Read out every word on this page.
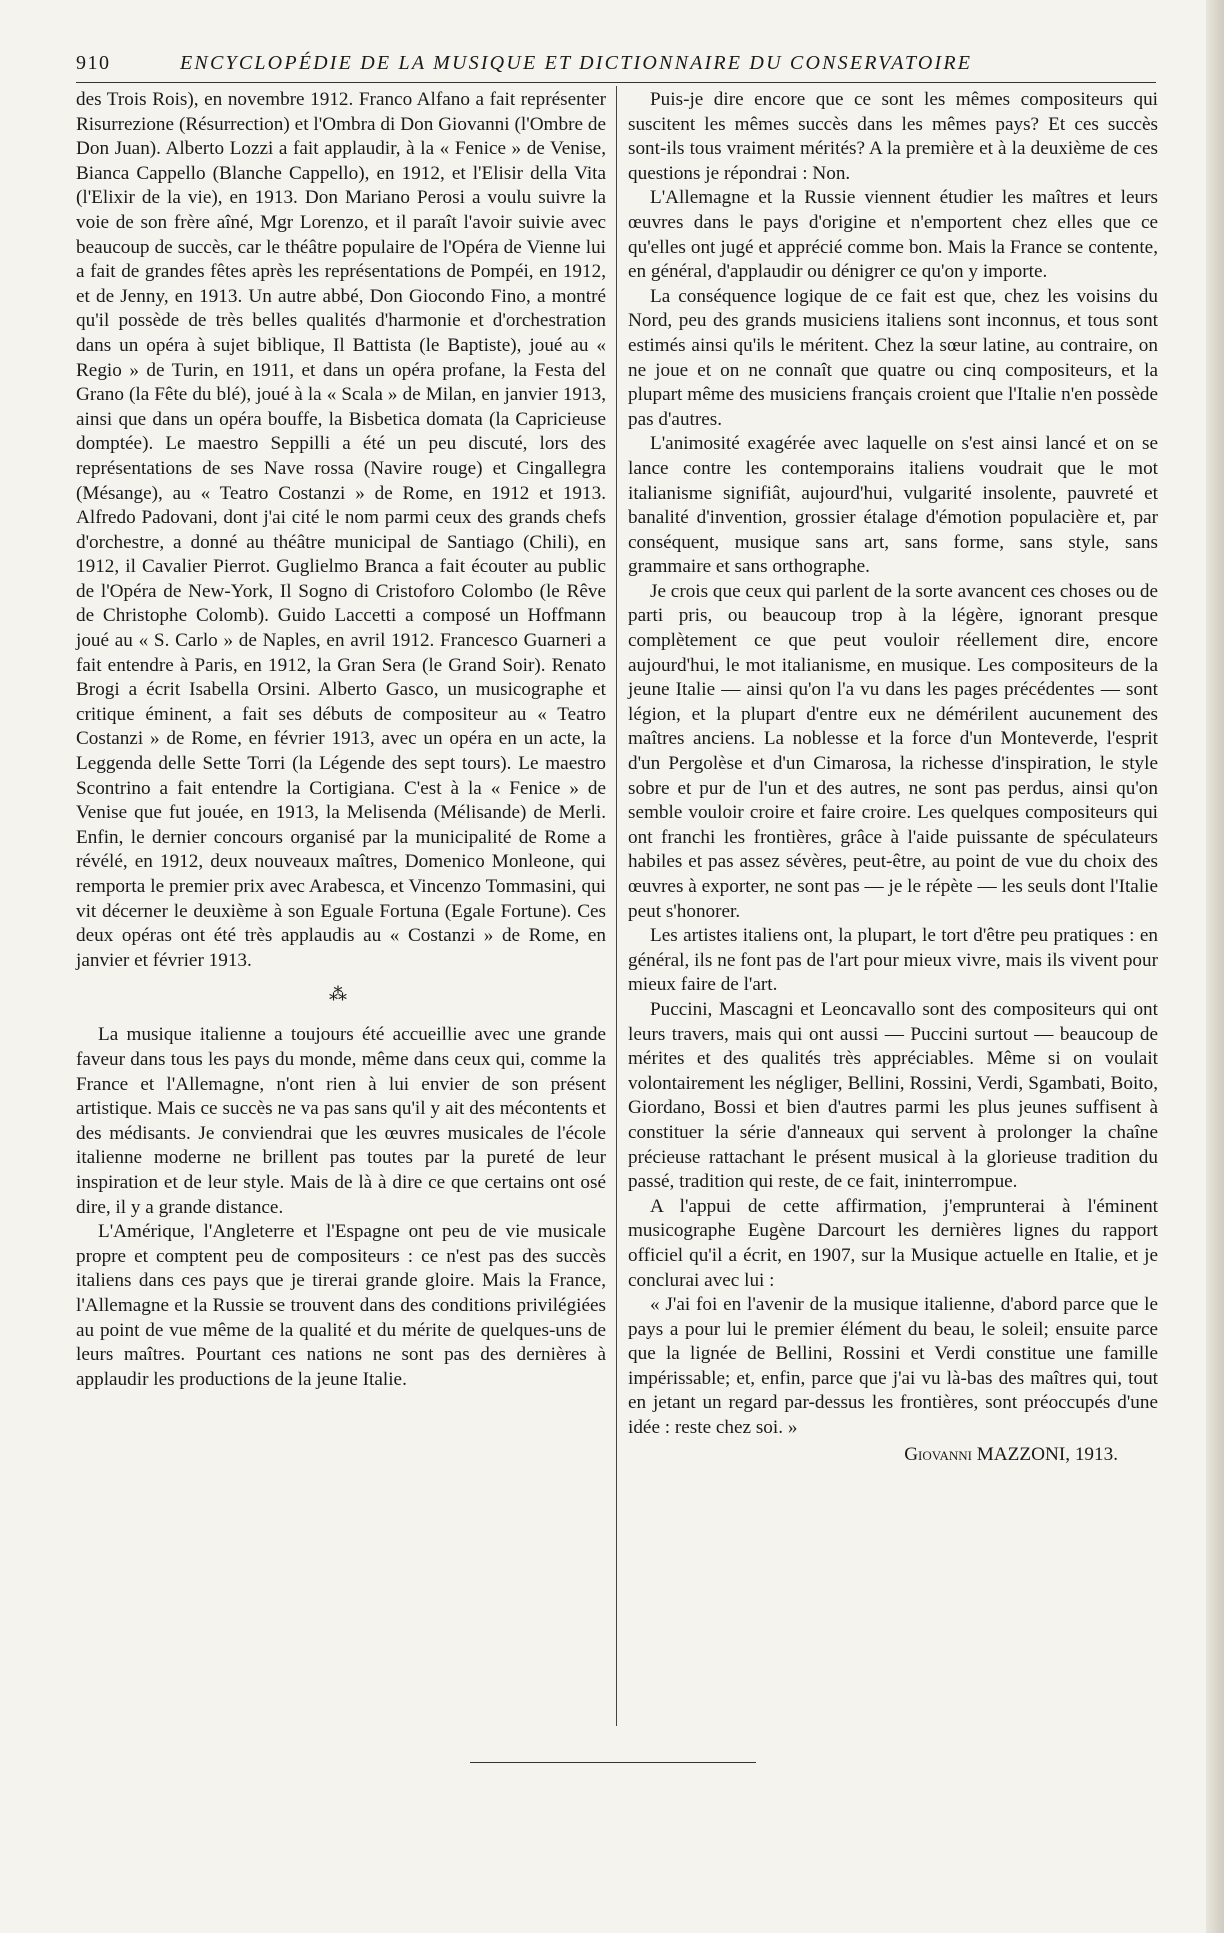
910	ENCYCLOPÉDIE DE LA MUSIQUE ET DICTIONNAIRE DU CONSERVATOIRE

des Trois Rois), en novembre 1912. Franco Alfano a fait représenter Risurrezione (Résurrection) et l'Ombra di Don Giovanni (l'Ombre de Don Juan). Alberto Lozzi a fait applaudir, à la « Fenice » de Venise, Bianca Cappello (Blanche Cappello), en 1912, et l'Elisir della Vita (l'Elixir de la vie), en 1913. Don Mariano Perosi a voulu suivre la voie de son frère aîné, Mgr Lorenzo, et il paraît l'avoir suivie avec beaucoup de succès, car le théâtre populaire de l'Opéra de Vienne lui a fait de grandes fêtes après les représentations de Pompéi, en 1912, et de Jenny, en 1913. Un autre abbé, Don Giocondo Fino, a montré qu'il possède de très belles qualités d'harmonie et d'orchestration dans un opéra à sujet biblique, Il Battista (le Baptiste), joué au « Regio » de Turin, en 1911, et dans un opéra profane, la Festa del Grano (la Fête du blé), joué à la « Scala » de Milan, en janvier 1913, ainsi que dans un opéra bouffe, la Bisbetica domata (la Capricieuse domptée). Le maestro Seppilli a été un peu discuté, lors des représentations de ses Nave rossa (Navire rouge) et Cingallegra (Mésange), au « Teatro Costanzi » de Rome, en 1912 et 1913. Alfredo Padovani, dont j'ai cité le nom parmi ceux des grands chefs d'orchestre, a donné au théâtre municipal de Santiago (Chili), en 1912, il Cavalier Pierrot. Guglielmo Branca a fait écouter au public de l'Opéra de New-York, Il Sogno di Cristoforo Colombo (le Rêve de Christophe Colomb). Guido Laccetti a composé un Hoffmann joué au « S. Carlo » de Naples, en avril 1912. Francesco Guarneri a fait entendre à Paris, en 1912, la Gran Sera (le Grand Soir). Renato Brogi a écrit Isabella Orsini. Alberto Gasco, un musicographe et critique éminent, a fait ses débuts de compositeur au « Teatro Costanzi » de Rome, en février 1913, avec un opéra en un acte, la Leggenda delle Sette Torri (la Légende des sept tours). Le maestro Scontrino a fait entendre la Cortigiana. C'est à la « Fenice » de Venise que fut jouée, en 1913, la Melisenda (Mélisande) de Merli. Enfin, le dernier concours organisé par la municipalité de Rome a révélé, en 1912, deux nouveaux maîtres, Domenico Monleone, qui remporta le premier prix avec Arabesca, et Vincenzo Tommasini, qui vit décerner le deuxième à son Eguale Fortuna (Egale Fortune). Ces deux opéras ont été très applaudis au « Costanzi » de Rome, en janvier et février 1913.

⁂

La musique italienne a toujours été accueillie avec une grande faveur dans tous les pays du monde, même dans ceux qui, comme la France et l'Allemagne, n'ont rien à lui envier de son présent artistique. Mais ce succès ne va pas sans qu'il y ait des mécontents et des médisants. Je conviendrai que les œuvres musicales de l'école italienne moderne ne brillent pas toutes par la pureté de leur inspiration et de leur style. Mais de là à dire ce que certains ont osé dire, il y a grande distance.

L'Amérique, l'Angleterre et l'Espagne ont peu de vie musicale propre et comptent peu de compositeurs : ce n'est pas des succès italiens dans ces pays que je tirerai grande gloire. Mais la France, l'Allemagne et la Russie se trouvent dans des conditions privilégiées au point de vue même de la qualité et du mérite de quelques-uns de leurs maîtres. Pourtant ces nations ne sont pas des dernières à applaudir les productions de la jeune Italie.

Puis-je dire encore que ce sont les mêmes compositeurs qui suscitent les mêmes succès dans les mêmes pays? Et ces succès sont-ils tous vraiment mérités? A la première et à la deuxième de ces questions je répondrai : Non.

L'Allemagne et la Russie viennent étudier les maîtres et leurs œuvres dans le pays d'origine et n'emportent chez elles que ce qu'elles ont jugé et apprécié comme bon. Mais la France se contente, en général, d'applaudir ou dénigrer ce qu'on y importe.

La conséquence logique de ce fait est que, chez les voisins du Nord, peu des grands musiciens italiens sont inconnus, et tous sont estimés ainsi qu'ils le méritent. Chez la sœur latine, au contraire, on ne joue et on ne connaît que quatre ou cinq compositeurs, et la plupart même des musiciens français croient que l'Italie n'en possède pas d'autres.

L'animosité exagérée avec laquelle on s'est ainsi lancé et on se lance contre les contemporains italiens voudrait que le mot italianisme signifiât, aujourd'hui, vulgarité insolente, pauvreté et banalité d'invention, grossier étalage d'émotion populacière et, par conséquent, musique sans art, sans forme, sans style, sans grammaire et sans orthographe.

Je crois que ceux qui parlent de la sorte avancent ces choses ou de parti pris, ou beaucoup trop à la légère, ignorant presque complètement ce que peut vouloir réellement dire, encore aujourd'hui, le mot italianisme, en musique. Les compositeurs de la jeune Italie — ainsi qu'on l'a vu dans les pages précédentes — sont légion, et la plupart d'entre eux ne démérilent aucunement des maîtres anciens. La noblesse et la force d'un Monteverde, l'esprit d'un Pergolèse et d'un Cimarosa, la richesse d'inspiration, le style sobre et pur de l'un et des autres, ne sont pas perdus, ainsi qu'on semble vouloir croire et faire croire. Les quelques compositeurs qui ont franchi les frontières, grâce à l'aide puissante de spéculateurs habiles et pas assez sévères, peut-être, au point de vue du choix des œuvres à exporter, ne sont pas — je le répète — les seuls dont l'Italie peut s'honorer.

Les artistes italiens ont, la plupart, le tort d'être peu pratiques : en général, ils ne font pas de l'art pour mieux vivre, mais ils vivent pour mieux faire de l'art.

Puccini, Mascagni et Leoncavallo sont des compositeurs qui ont leurs travers, mais qui ont aussi — Puccini surtout — beaucoup de mérites et des qualités très appréciables. Même si on voulait volontairement les négliger, Bellini, Rossini, Verdi, Sgambati, Boito, Giordano, Bossi et bien d'autres parmi les plus jeunes suffisent à constituer la série d'anneaux qui servent à prolonger la chaîne précieuse rattachant le présent musical à la glorieuse tradition du passé, tradition qui reste, de ce fait, ininterrompue.

A l'appui de cette affirmation, j'emprunterai à l'éminent musicographe Eugène Darcourt les dernières lignes du rapport officiel qu'il a écrit, en 1907, sur la Musique actuelle en Italie, et je conclurai avec lui :

« J'ai foi en l'avenir de la musique italienne, d'abord parce que le pays a pour lui le premier élément du beau, le soleil; ensuite parce que la lignée de Bellini, Rossini et Verdi constitue une famille impérissable; et, enfin, parce que j'ai vu là-bas des maîtres qui, tout en jetant un regard par-dessus les frontières, sont préoccupés d'une idée : reste chez soi. »

Giovanni MAZZONI, 1913.
